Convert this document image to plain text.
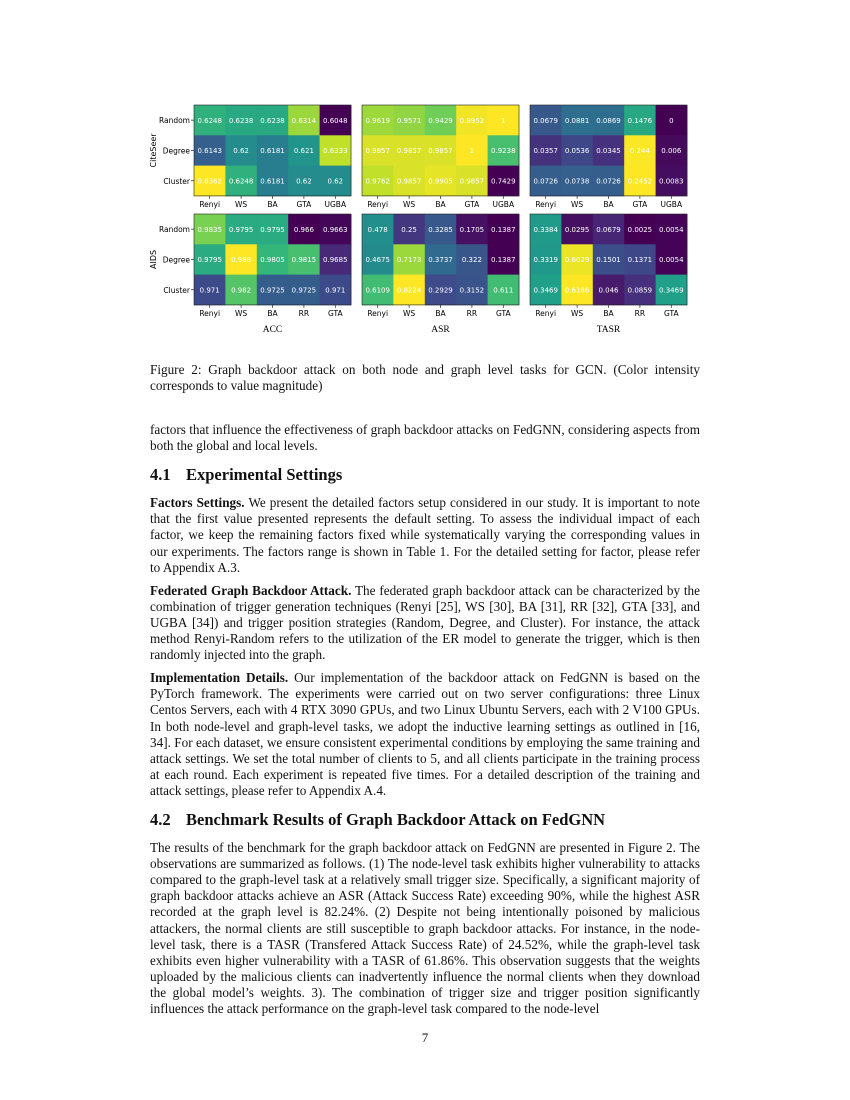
CiteSeer
Random
Degree
Cluster
0.6248 0.6238 0.6238 0.6314 0.6048
0.6143 0.62 0.6181 0.621 0.6333
0.6362 0.6248 0.6181 0.62 0.62
Renyi WS	BA	GTA UGBA
0.9619 0.9571 0.9429 0.9952 1
0.9857 0.9857 0.9857 1 0.9238
0.9762 0.9857 0.9905 0.9857 0.7429
Renyi WS	BA	GTA UGBA
0.0679 0.0881 0.0869 0.1476 0
0.0357 0.0536 0.0345 0.244 0.006
0.0726 0.0738 0.0726 0.2452 0.0083
Renyi WS	BA	GTA UGBA
AIDS
Random
Degree
Cluster
0.9835 0.9795 0.9795 0.966 0.9663
0.9795 0.988 0.9805 0.9815 0.9685
0.971 0.982 0.9725 0.9725 0.971
Renyi WS	BA	RR	GTA
0.478 0.25 0.3285 0.1705 0.1387
0.4675 0.7173 0.3737 0.322 0.1387
0.6109 0.8224 0.2929 0.3152 0.611
Renyi WS	BA	RR	GTA
0.3384 0.0295 0.0679 0.0025 0.0054
0.3319 0.6029 0.1501 0.1371 0.0054
0.3469 0.6186 0.046 0.0859 0.3469
Renyi WS	BA	RR	GTA
ACC	ASR	TASR
Figure 2: Graph backdoor attack on both node and graph level tasks for GCN. (Color intensity corresponds to value magnitude)

factors that influence the effectiveness of graph backdoor attacks on FedGNN, considering aspects from both the global and local levels.

4.1 Experimental Settings

Factors Settings. We present the detailed factors setup considered in our study. It is important to note that the first value presented represents the default setting. To assess the individual impact of each factor, we keep the remaining factors fixed while systematically varying the corresponding values in our experiments. The factors range is shown in Table 1. For the detailed setting for factor, please refer to Appendix A.3.

Federated Graph Backdoor Attack. The federated graph backdoor attack can be characterized by the combination of trigger generation techniques (Renyi [25], WS [30], BA [31], RR [32], GTA [33], and UGBA [34]) and trigger position strategies (Random, Degree, and Cluster). For instance, the attack method Renyi-Random refers to the utilization of the ER model to generate the trigger, which is then randomly injected into the graph.

Implementation Details. Our implementation of the backdoor attack on FedGNN is based on the PyTorch framework. The experiments were carried out on two server configurations: three Linux Centos Servers, each with 4 RTX 3090 GPUs, and two Linux Ubuntu Servers, each with 2 V100 GPUs. In both node-level and graph-level tasks, we adopt the inductive learning settings as outlined in [16, 34]. For each dataset, we ensure consistent experimental conditions by employing the same training and attack settings. We set the total number of clients to 5, and all clients participate in the training process at each round. Each experiment is repeated five times. For a detailed description of the training and attack settings, please refer to Appendix A.4.

4.2 Benchmark Results of Graph Backdoor Attack on FedGNN

The results of the benchmark for the graph backdoor attack on FedGNN are presented in Figure 2. The observations are summarized as follows. (1) The node-level task exhibits higher vulnerability to attacks compared to the graph-level task at a relatively small trigger size. Specifically, a significant majority of graph backdoor attacks achieve an ASR (Attack Success Rate) exceeding 90%, while the highest ASR recorded at the graph level is 82.24%. (2) Despite not being intentionally poisoned by malicious attackers, the normal clients are still susceptible to graph backdoor attacks. For instance, in the node-level task, there is a TASR (Transfered Attack Success Rate) of 24.52%, while the graph-level task exhibits even higher vulnerability with a TASR of 61.86%. This observation suggests that the weights uploaded by the malicious clients can inadvertently influence the normal clients when they download the global model’s weights. 3). The combination of trigger size and trigger position significantly influences the attack performance on the graph-level task compared to the node-level

7
